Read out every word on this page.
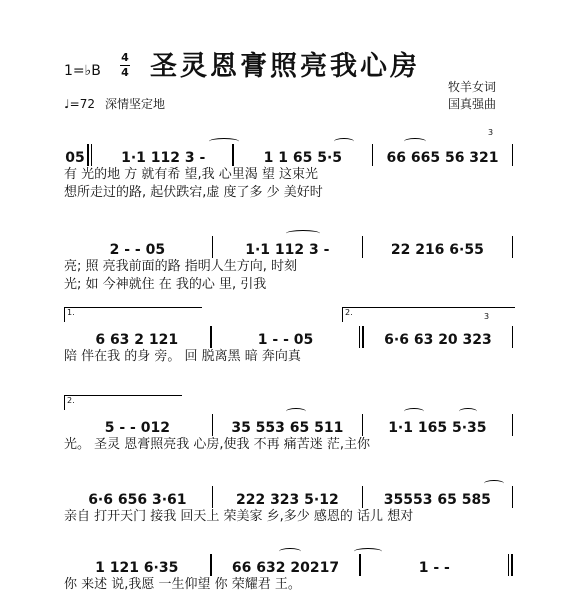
圣灵恩膏照亮我心房
1=♭B
4
4
牧羊女词
国真强曲
♩=72 深情坚定地
05	1·1 112 3 -	1 1 65 5·5	66 665 56 321
有 光的地 方 就有希 望,我 心里渴 望 这束光
想所走过的路, 起伏跌宕,虚 度了多 少 美好时
3
2 - - 05	1·1 112 3 -	22 216 6·55
亮; 照 亮我前面的路 指明人生方向, 时刻
光; 如 今神就住 在 我的心 里, 引我
1.	2.
6 63 2 121	1 - - 05	6·6 63 20 323
陪 伴在我 的身 旁。 回 脱离黑 暗 奔向真
3
2.
5 - - 012	35 553 65 511	1·1 165 5·35
光。 圣灵 恩膏照亮我 心房,使我 不再 痛苦迷 茫,主你
6·6 656 3·61	222 323 5·12	35553 65 585
亲自 打开天门 接我 回天上 荣美家 乡,多少 感恩的 话儿 想对
1 121 6·35	66 632 20217	1 - -
你 来述 说,我愿 一生仰望 你 荣耀君 王。
